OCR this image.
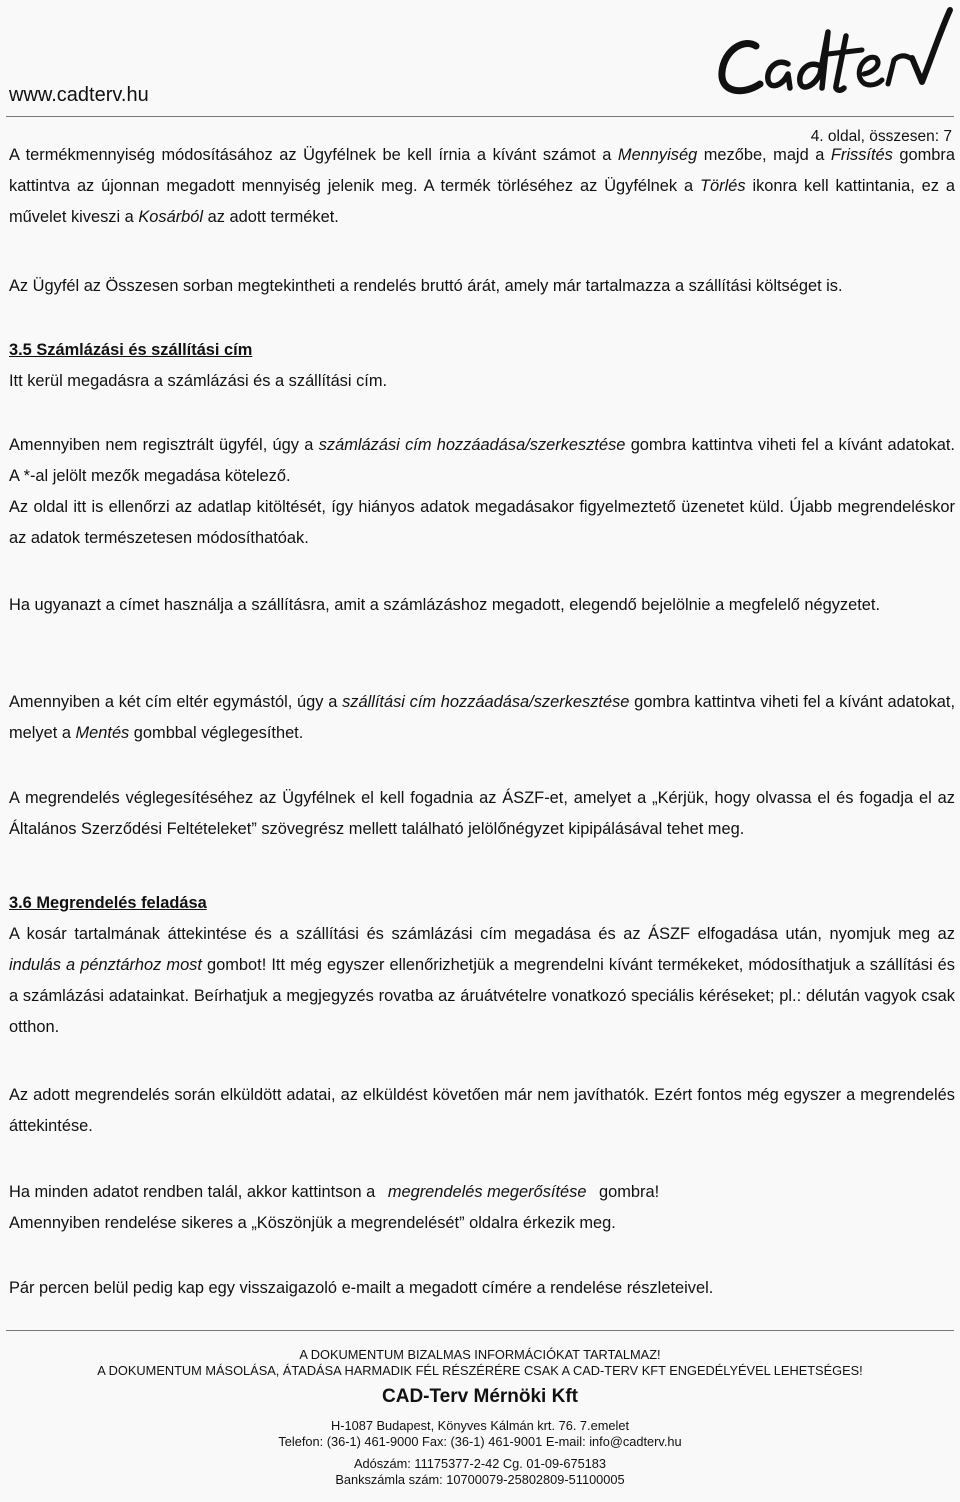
www.cadterv.hu
4. oldal, összesen: 7

A termékmennyiség módosításához az Ügyfélnek be kell írnia a kívánt számot a Mennyiség mezőbe, majd a Frissítés gombra kattintva az újonnan megadott mennyiség jelenik meg. A termék törléséhez az Ügyfélnek a Törlés ikonra kell kattintania, ez a művelet kiveszi a Kosárból az adott terméket.

Az Ügyfél az Összesen sorban megtekintheti a rendelés bruttó árát, amely már tartalmazza a szállítási költséget is.

3.5 Számlázási és szállítási cím

Itt kerül megadásra a számlázási és a szállítási cím.

Amennyiben nem regisztrált ügyfél, úgy a számlázási cím hozzáadása/szerkesztése gombra kattintva viheti fel a kívánt adatokat. A *-al jelölt mezők megadása kötelező.

Az oldal itt is ellenőrzi az adatlap kitöltését, így hiányos adatok megadásakor figyelmeztető üzenetet küld. Újabb megrendeléskor az adatok természetesen módosíthatóak.

Ha ugyanazt a címet használja a szállításra, amit a számlázáshoz megadott, elegendő bejelölnie a megfelelő négyzetet.

Amennyiben a két cím eltér egymástól, úgy a szállítási cím hozzáadása/szerkesztése gombra kattintva viheti fel a kívánt adatokat, melyet a Mentés gombbal véglegesíthet.

A megrendelés véglegesítéséhez az Ügyfélnek el kell fogadnia az ÁSZF-et, amelyet a „Kérjük, hogy olvassa el és fogadja el az Általános Szerződési Feltételeket” szövegrész mellett található jelölőnégyzet kipipálásával tehet meg.

3.6 Megrendelés feladása

A kosár tartalmának áttekintése és a szállítási és számlázási cím megadása és az ÁSZF elfogadása után, nyomjuk meg az indulás a pénztárhoz most gombot! Itt még egyszer ellenőrizhetjük a megrendelni kívánt termékeket, módosíthatjuk a szállítási és a számlázási adatainkat. Beírhatjuk a megjegyzés rovatba az áruátvételre vonatkozó speciális kéréseket; pl.: délután vagyok csak otthon.

Az adott megrendelés során elküldött adatai, az elküldést követően már nem javíthatók. Ezért fontos még egyszer a megrendelés áttekintése.

Ha minden adatot rendben talál, akkor kattintson a megrendelés megerősítése gombra!

Amennyiben rendelése sikeres a „Köszönjük a megrendelését” oldalra érkezik meg.

Pár percen belül pedig kap egy visszaigazoló e-mailt a megadott címére a rendelése részleteivel.

A DOKUMENTUM BIZALMAS INFORMÁCIÓKAT TARTALMAZ!
A DOKUMENTUM MÁSOLÁSA, ÁTADÁSA HARMADIK FÉL RÉSZÉRÉRE CSAK A CAD-TERV KFT ENGEDÉLYÉVEL LEHETSÉGES!
CAD-Terv Mérnöki Kft
H-1087 Budapest, Könyves Kálmán krt. 76. 7.emelet
Telefon: (36-1) 461-9000 Fax: (36-1) 461-9001 E-mail: info@cadterv.hu
Adószám: 11175377-2-42 Cg. 01-09-675183
Bankszámla szám: 10700079-25802809-51100005
